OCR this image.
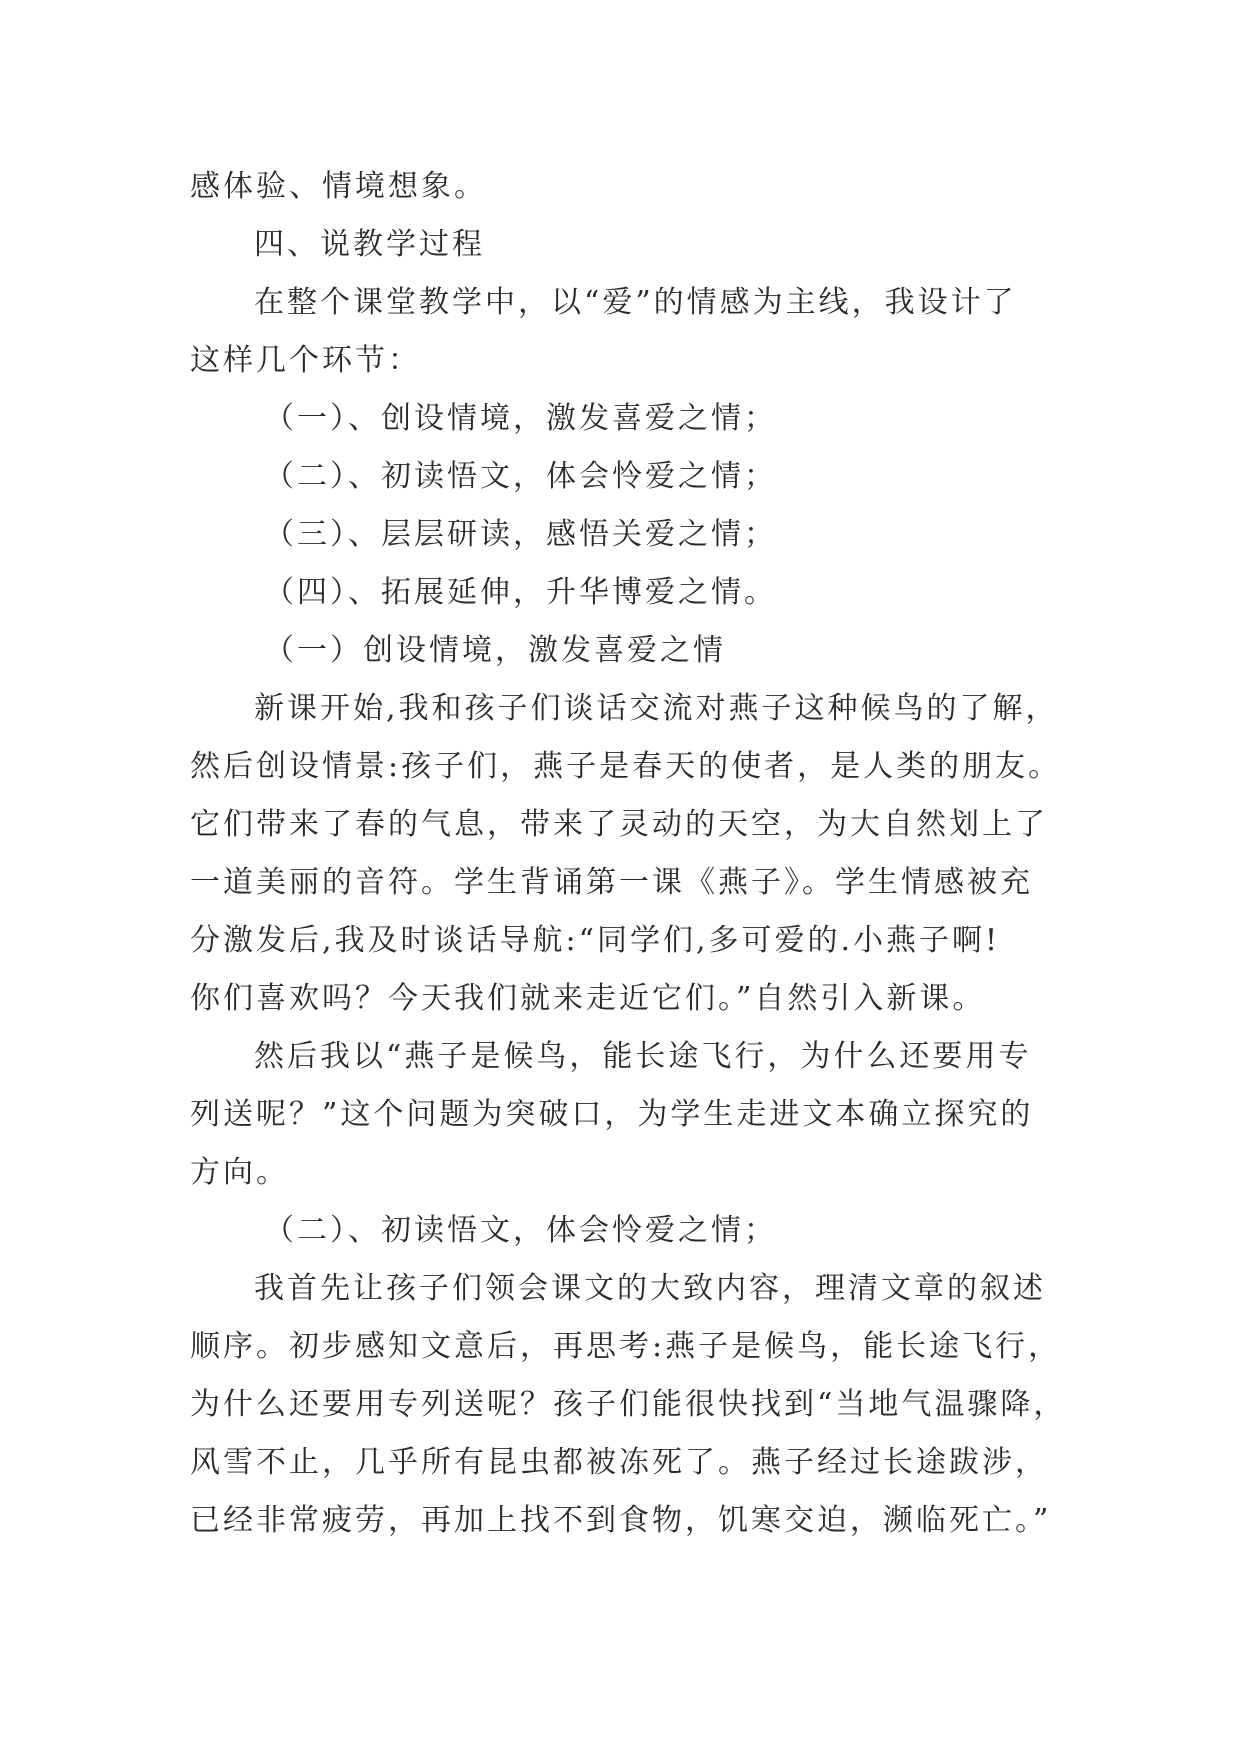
感体验、情境想象。

四、说教学过程

在整个课堂教学中，以“爱”的情感为主线，我设计了

这样几个环节：

（一）、创设情境，激发喜爱之情；

（二）、初读悟文，体会怜爱之情；

（三）、层层研读，感悟关爱之情；

（四）、拓展延伸，升华博爱之情。

（一）创设情境，激发喜爱之情

新课开始,我和孩子们谈话交流对燕子这种候鸟的了解，

然后创设情景:孩子们，燕子是春天的使者，是人类的朋友。

它们带来了春的气息，带来了灵动的天空，为大自然划上了

一道美丽的音符。学生背诵第一课《燕子》。学生情感被充

分激发后,我及时谈话导航:“同学们,多可爱的.小燕子啊!

你们喜欢吗？今天我们就来走近它们。”自然引入新课。

然后我以“燕子是候鸟，能长途飞行，为什么还要用专

列送呢？”这个问题为突破口，为学生走进文本确立探究的

方向。

（二）、初读悟文，体会怜爱之情；

我首先让孩子们领会课文的大致内容，理清文章的叙述

顺序。初步感知文意后，再思考:燕子是候鸟，能长途飞行，

为什么还要用专列送呢？孩子们能很快找到“当地气温骤降，

风雪不止，几乎所有昆虫都被冻死了。燕子经过长途跋涉，

已经非常疲劳，再加上找不到食物，饥寒交迫，濒临死亡。”
